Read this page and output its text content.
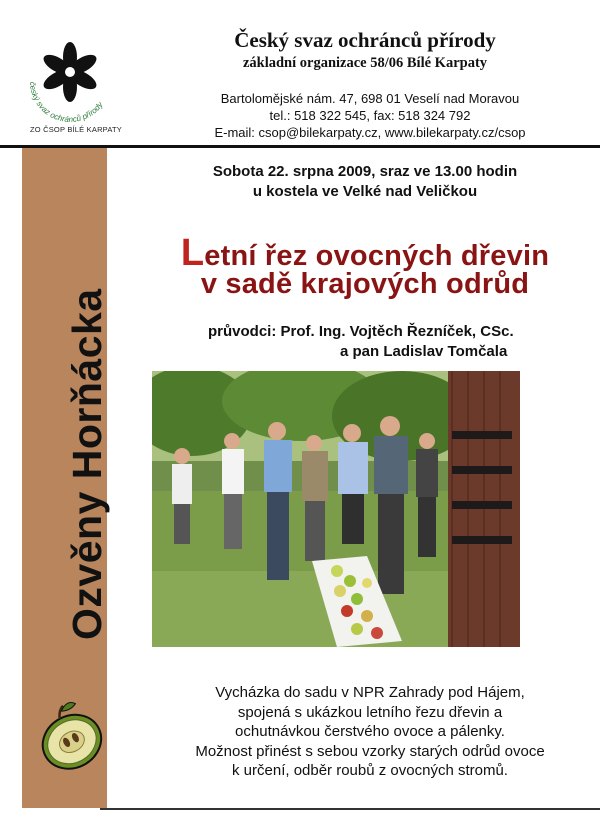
český svaz ochránců přírody
ZO ČSOP BÍLÉ KARPATY
Český svaz ochránců přírody
základní organizace 58/06 Bílé Karpaty
Bartolomějské nám. 47, 698 01 Veselí nad Moravou
tel.: 518 322 545, fax: 518 324 792
E-mail: csop@bilekarpaty.cz, www.bilekarpaty.cz/csop
Ozvěny Horňácka
Sobota 22. srpna 2009, sraz ve 13.00 hodin
u kostela ve Velké nad Veličkou
Letní řez ovocných dřevin
v sadě krajových odrůd
průvodci: Prof. Ing. Vojtěch Řezníček, CSc.
a pan Ladislav Tomčala
Vycházka do sadu v NPR Zahrady pod Hájem,
spojená s ukázkou letního řezu dřevin a
ochutnávkou čerstvého ovoce a pálenky.
Možnost přinést s sebou vzorky starých odrůd ovoce
k určení, odběr roubů z ovocných stromů.
